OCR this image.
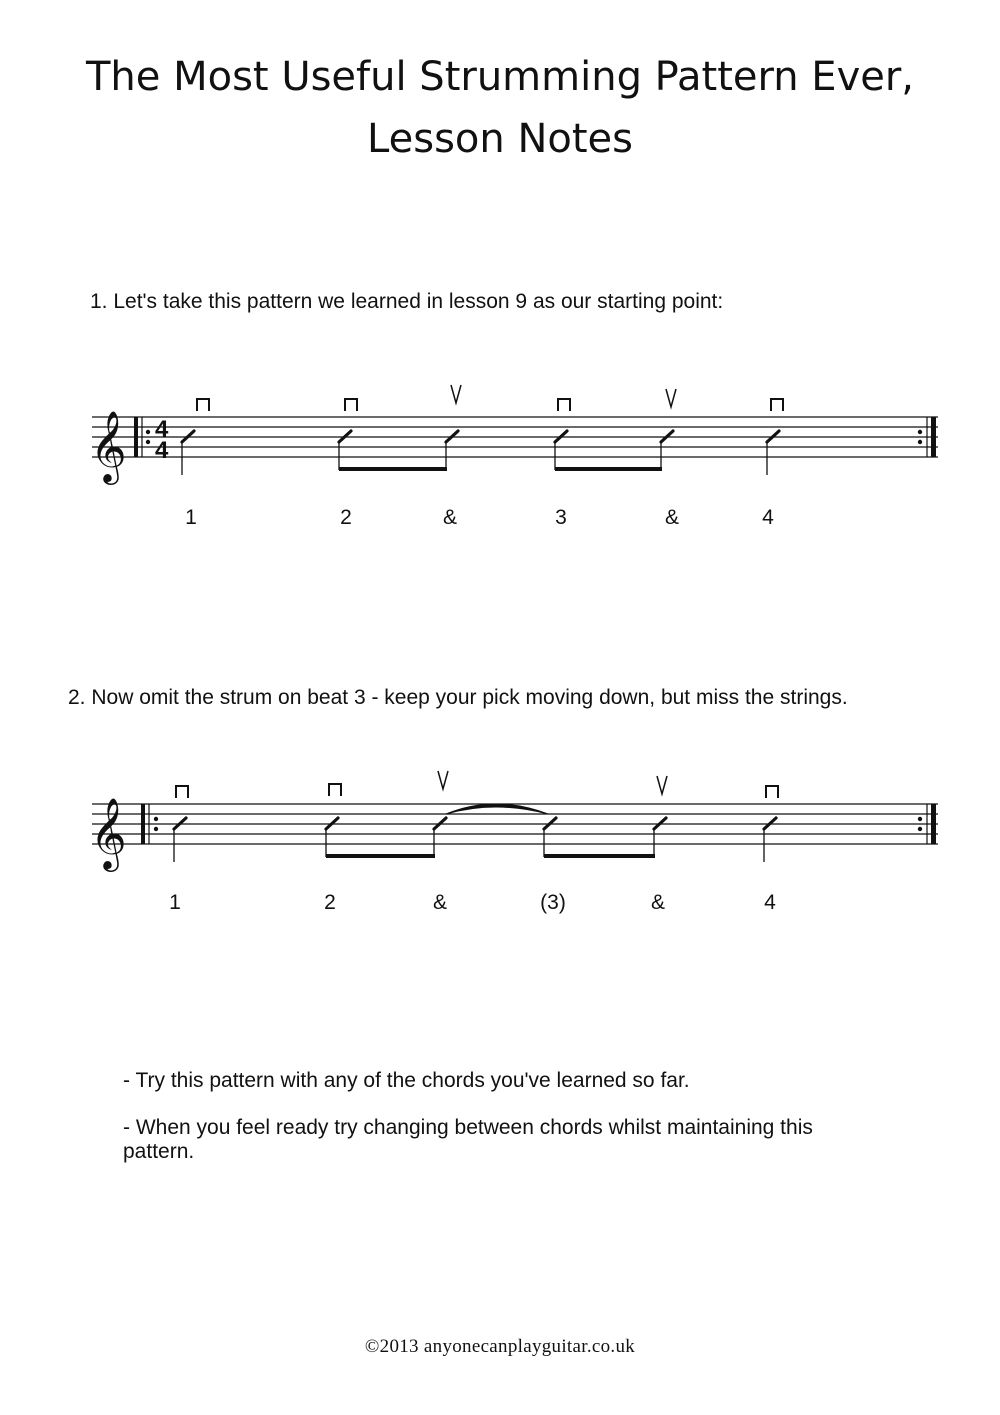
The Most Useful Strumming Pattern Ever,
Lesson Notes
1. Let's take this pattern we learned in lesson 9 as our starting point:
𝄞 4
4
1	2	&	3	&	4
2. Now omit the strum on beat 3 - keep your pick moving down, but miss the strings.
𝄞
1	2	&	(3)	&	4
- Try this pattern with any of the chords you've learned so far.
- When you feel ready try changing between chords whilst maintaining this pattern.
©2013 anyonecanplayguitar.co.uk
